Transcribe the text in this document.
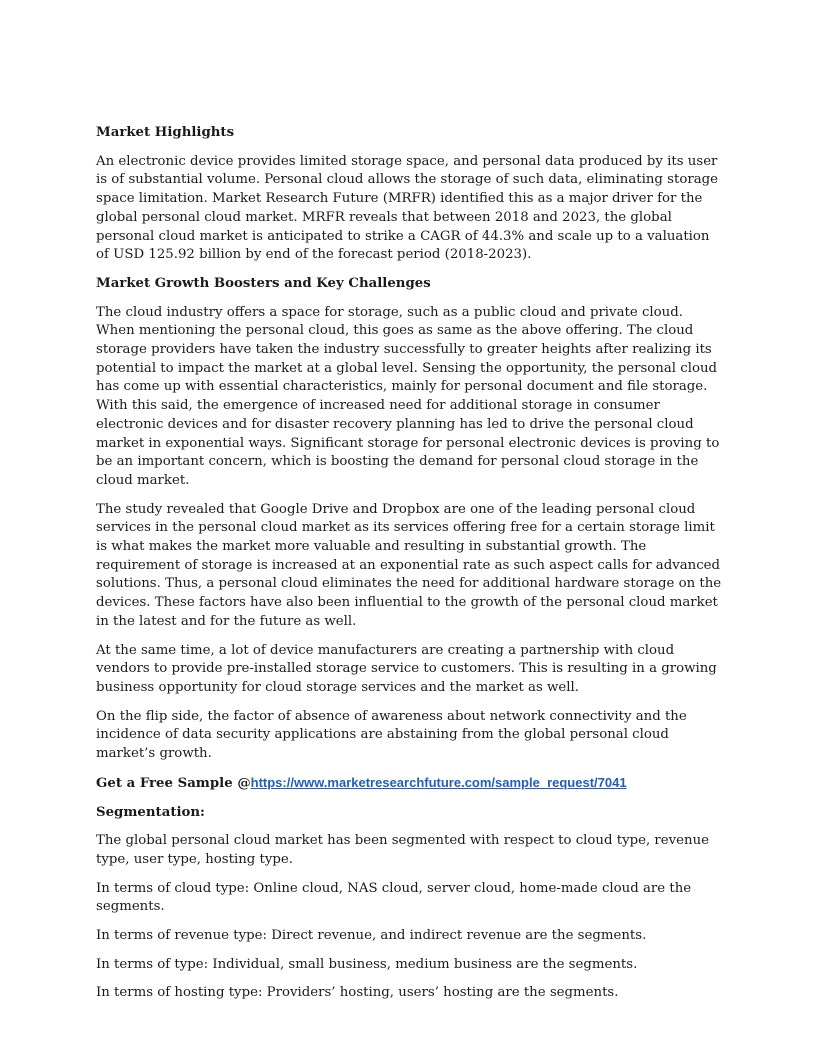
Market Highlights

An electronic device provides limited storage space, and personal data produced by its user is of substantial volume. Personal cloud allows the storage of such data, eliminating storage space limitation. Market Research Future (MRFR) identified this as a major driver for the global personal cloud market. MRFR reveals that between 2018 and 2023, the global personal cloud market is anticipated to strike a CAGR of 44.3% and scale up to a valuation of USD 125.92 billion by end of the forecast period (2018-2023).

Market Growth Boosters and Key Challenges

The cloud industry offers a space for storage, such as a public cloud and private cloud. When mentioning the personal cloud, this goes as same as the above offering. The cloud storage providers have taken the industry successfully to greater heights after realizing its potential to impact the market at a global level. Sensing the opportunity, the personal cloud has come up with essential characteristics, mainly for personal document and file storage. With this said, the emergence of increased need for additional storage in consumer electronic devices and for disaster recovery planning has led to drive the personal cloud market in exponential ways. Significant storage for personal electronic devices is proving to be an important concern, which is boosting the demand for personal cloud storage in the cloud market.

The study revealed that Google Drive and Dropbox are one of the leading personal cloud services in the personal cloud market as its services offering free for a certain storage limit is what makes the market more valuable and resulting in substantial growth. The requirement of storage is increased at an exponential rate as such aspect calls for advanced solutions. Thus, a personal cloud eliminates the need for additional hardware storage on the devices. These factors have also been influential to the growth of the personal cloud market in the latest and for the future as well.

At the same time, a lot of device manufacturers are creating a partnership with cloud vendors to provide pre-installed storage service to customers. This is resulting in a growing business opportunity for cloud storage services and the market as well.

On the flip side, the factor of absence of awareness about network connectivity and the incidence of data security applications are abstaining from the global personal cloud market’s growth.

Get a Free Sample @https://www.marketresearchfuture.com/sample_request/7041
Segmentation:

The global personal cloud market has been segmented with respect to cloud type, revenue type, user type, hosting type.

In terms of cloud type: Online cloud, NAS cloud, server cloud, home-made cloud are the segments.

In terms of revenue type: Direct revenue, and indirect revenue are the segments.

In terms of type: Individual, small business, medium business are the segments.

In terms of hosting type: Providers’ hosting, users’ hosting are the segments.
